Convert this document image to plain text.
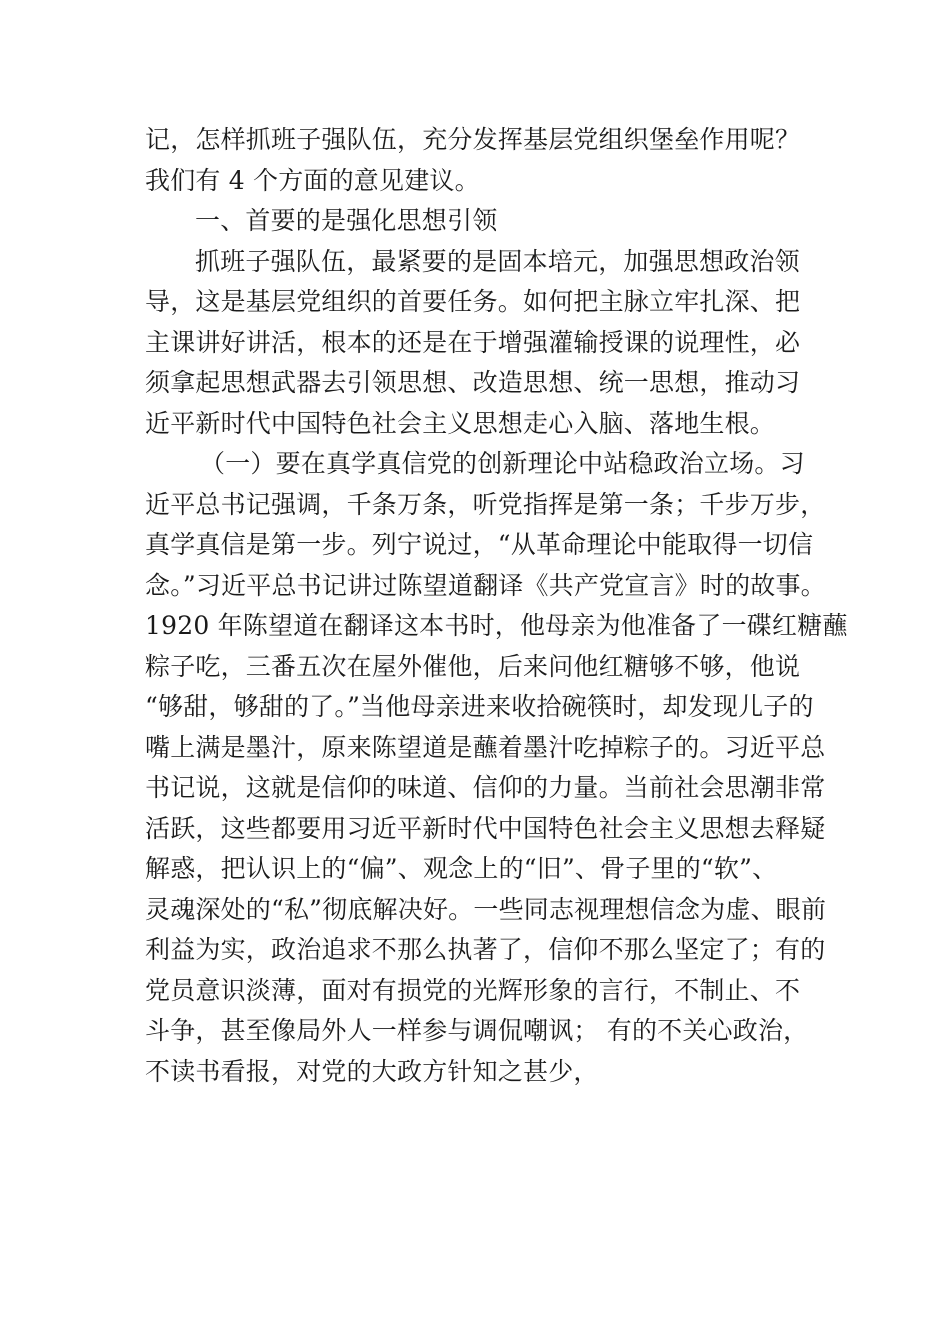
记，怎样抓班子强队伍，充分发挥基层党组织堡垒作用呢？
我们有 4 个方面的意见建议。
一、首要的是强化思想引领
抓班子强队伍，最紧要的是固本培元，加强思想政治领
导，这是基层党组织的首要任务。如何把主脉立牢扎深、把
主课讲好讲活，根本的还是在于增强灌输授课的说理性，必
须拿起思想武器去引领思想、改造思想、统一思想，推动习
近平新时代中国特色社会主义思想走心入脑、落地生根。
（一）要在真学真信党的创新理论中站稳政治立场。习
近平总书记强调，千条万条，听党指挥是第一条；千步万步，
真学真信是第一步。列宁说过，“从革命理论中能取得一切信
念。”习近平总书记讲过陈望道翻译《共产党宣言》时的故事。
1920 年陈望道在翻译这本书时，他母亲为他准备了一碟红糖蘸
粽子吃，三番五次在屋外催他，后来问他红糖够不够，他说
“够甜，够甜的了。”当他母亲进来收拾碗筷时，却发现儿子的
嘴上满是墨汁，原来陈望道是蘸着墨汁吃掉粽子的。习近平总
书记说，这就是信仰的味道、信仰的力量。当前社会思潮非常
活跃，这些都要用习近平新时代中国特色社会主义思想去释疑
解惑，把认识上的“偏”、观念上的“旧”、骨子里的“软”、
灵魂深处的“私”彻底解决好。一些同志视理想信念为虚、眼前
利益为实，政治追求不那么执著了，信仰不那么坚定了；有的
党员意识淡薄，面对有损党的光辉形象的言行，不制止、不
斗争，甚至像局外人一样参与调侃嘲讽； 有的不关心政治，
不读书看报，对党的大政方针知之甚少，
